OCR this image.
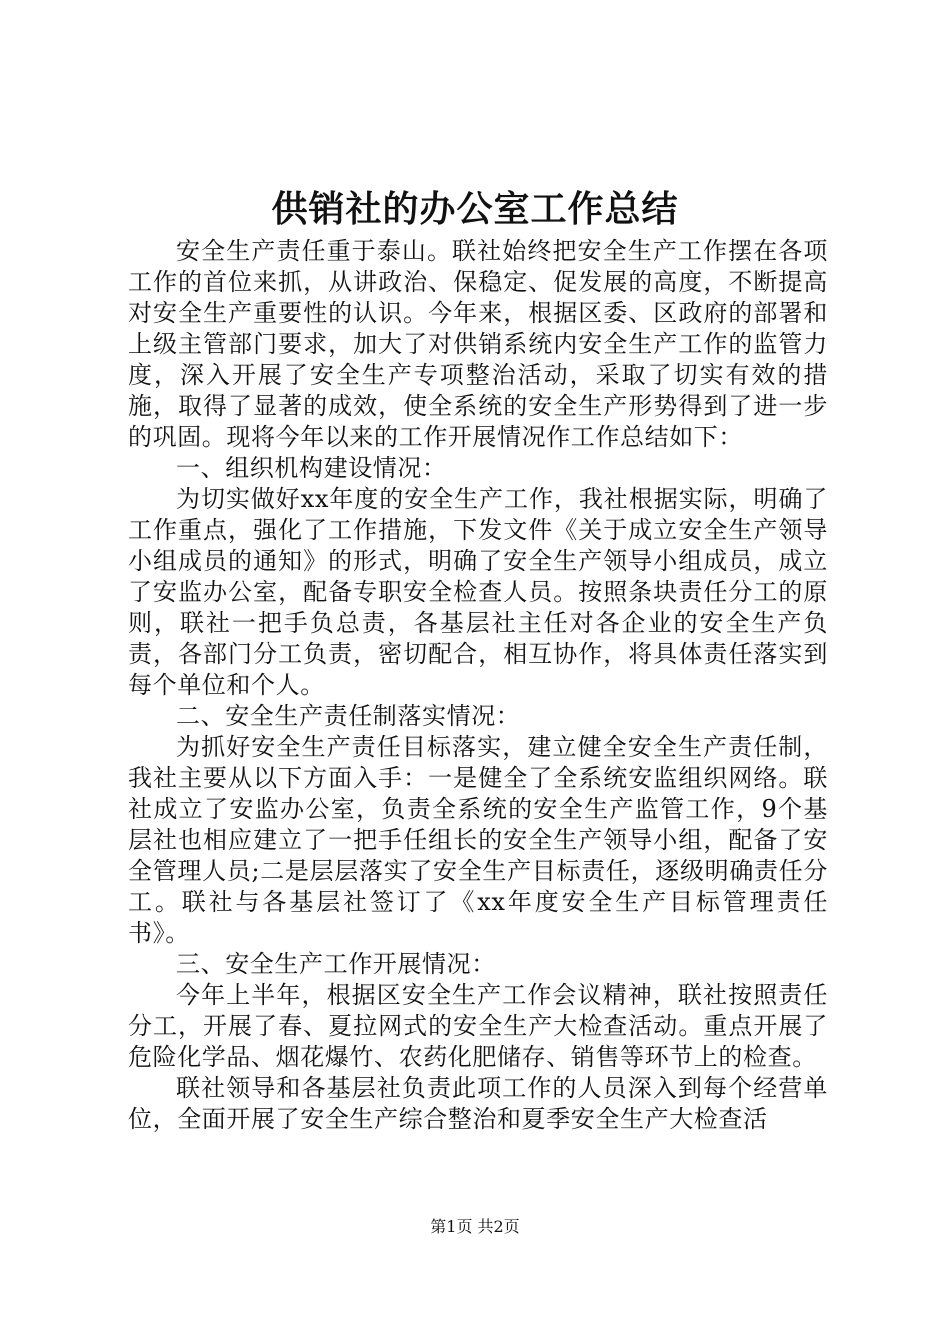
供销社的办公室工作总结

安全生产责任重于泰山。联社始终把安全生产工作摆在各项工作的首位来抓，从讲政治、保稳定、促发展的高度，不断提高对安全生产重要性的认识。今年来，根据区委、区政府的部署和上级主管部门要求，加大了对供销系统内安全生产工作的监管力度，深入开展了安全生产专项整治活动，采取了切实有效的措施，取得了显著的成效，使全系统的安全生产形势得到了进一步的巩固。现将今年以来的工作开展情况作工作总结如下：

一、组织机构建设情况：

为切实做好xx年度的安全生产工作，我社根据实际，明确了工作重点，强化了工作措施，下发文件《关于成立安全生产领导小组成员的通知》的形式，明确了安全生产领导小组成员，成立了安监办公室，配备专职安全检查人员。按照条块责任分工的原则，联社一把手负总责，各基层社主任对各企业的安全生产负责，各部门分工负责，密切配合，相互协作，将具体责任落实到每个单位和个人。

二、安全生产责任制落实情况：

为抓好安全生产责任目标落实，建立健全安全生产责任制，我社主要从以下方面入手：一是健全了全系统安监组织网络。联社成立了安监办公室，负责全系统的安全生产监管工作，9个基层社也相应建立了一把手任组长的安全生产领导小组，配备了安全管理人员;二是层层落实了安全生产目标责任，逐级明确责任分工。联社与各基层社签订了《xx年度安全生产目标管理责任书》。

三、安全生产工作开展情况：

今年上半年，根据区安全生产工作会议精神，联社按照责任分工，开展了春、夏拉网式的安全生产大检查活动。重点开展了危险化学品、烟花爆竹、农药化肥储存、销售等环节上的检查。

联社领导和各基层社负责此项工作的人员深入到每个经营单位，全面开展了安全生产综合整治和夏季安全生产大检查活

第1页 共2页
